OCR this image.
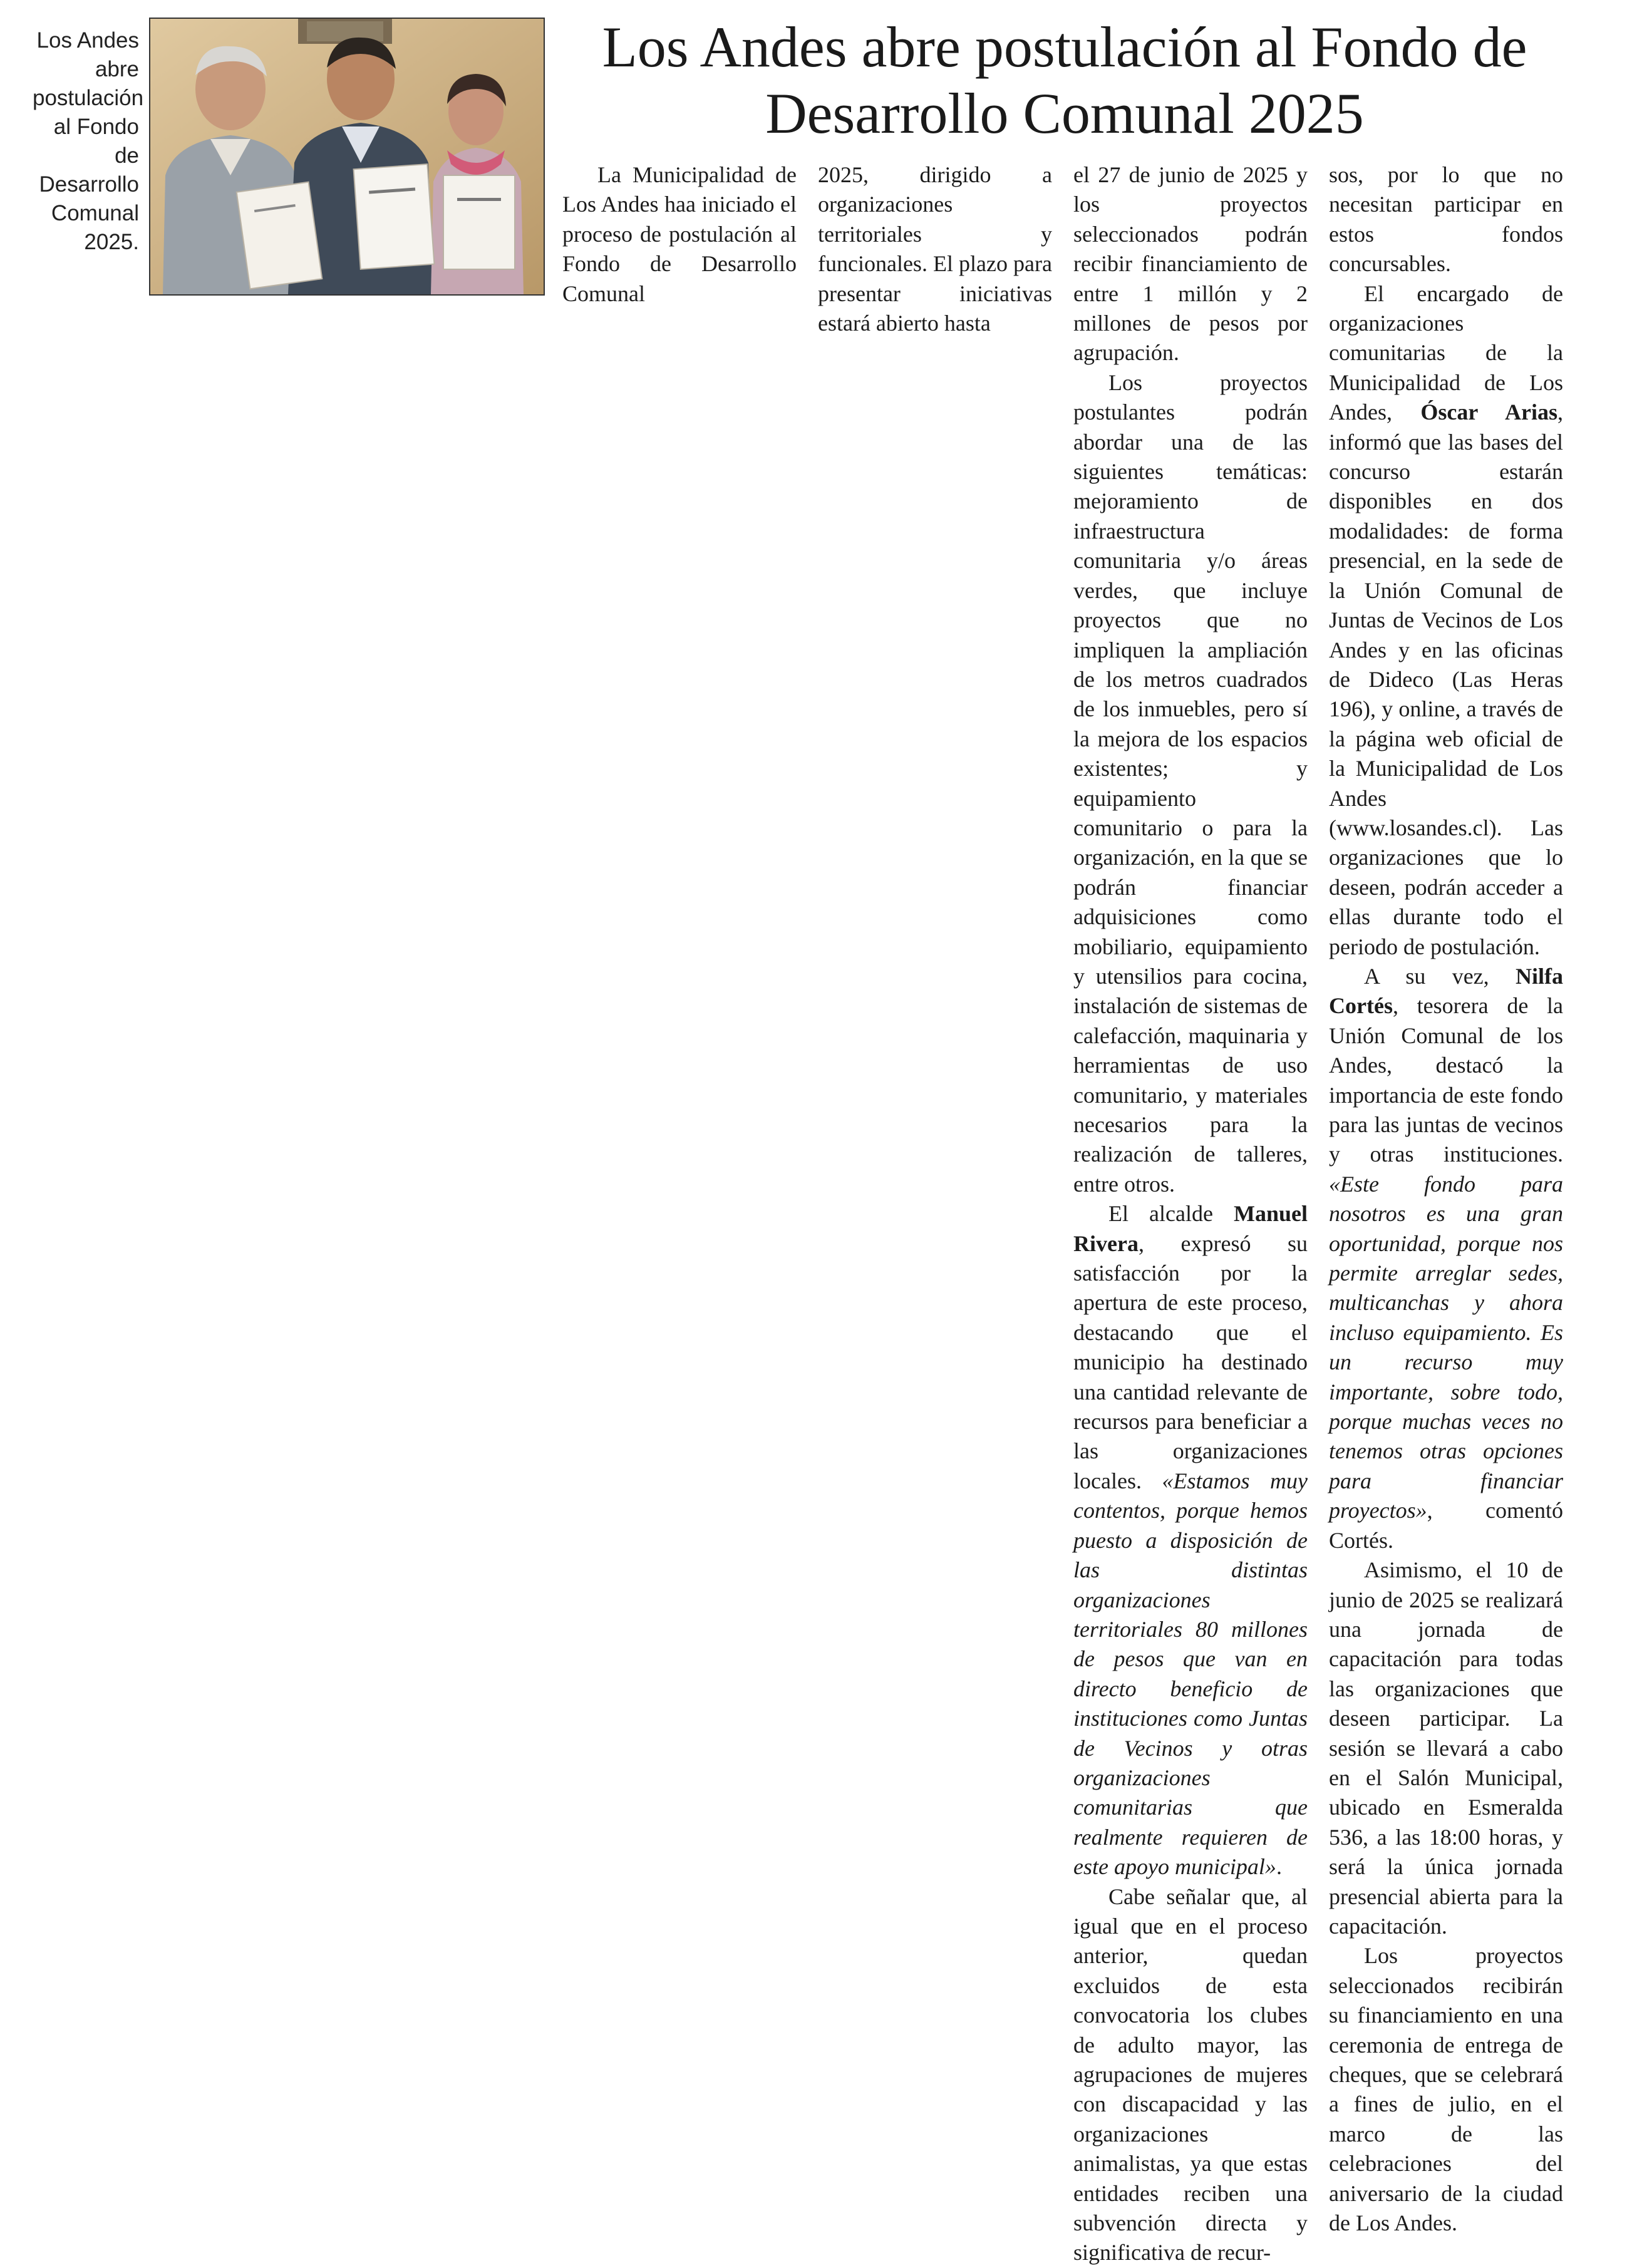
Los Andes abre postulación al Fondo de Desarrollo Comunal 2025.
Los Andes abre postulación al Fondo de Desarrollo Comunal 2025

La Municipalidad de Los Andes haa iniciado el proceso de postulación al Fondo de Desarrollo Comunal

2025, dirigido a organizaciones territoriales y funcionales. El plazo para presentar iniciativas estará abierto hasta

el 27 de junio de 2025 y los proyectos seleccionados podrán recibir financiamiento de entre 1 millón y 2 millones de pesos por agrupación.

Los proyectos postulantes podrán abordar una de las siguientes temáticas: mejoramiento de infraestructura comunitaria y/o áreas verdes, que incluye proyectos que no impliquen la ampliación de los metros cuadrados de los inmuebles, pero sí la mejora de los espacios existentes; y equipamiento comunitario o para la organización, en la que se podrán financiar adquisiciones como mobiliario, equipamiento y utensilios para cocina, instalación de sistemas de calefacción, maquinaria y herramientas de uso comunitario, y materiales necesarios para la realización de talleres, entre otros.

El alcalde Manuel Rivera, expresó su satisfacción por la apertura de este proceso, destacando que el municipio ha destinado una cantidad relevante de recursos para beneficiar a las organizaciones locales. «Estamos muy contentos, porque hemos puesto a disposición de las distintas organizaciones territoriales 80 millones de pesos que van en directo beneficio de instituciones como Juntas de Vecinos y otras organizaciones comunitarias que realmente requieren de este apoyo municipal».

Cabe señalar que, al igual que en el proceso anterior, quedan excluidos de esta convocatoria los clubes de adulto mayor, las agrupaciones de mujeres con discapacidad y las organizaciones animalistas, ya que estas entidades reciben una subvención directa y significativa de recur-

sos, por lo que no necesitan participar en estos fondos concursables.

El encargado de organizaciones comunitarias de la Municipalidad de Los Andes, Óscar Arias, informó que las bases del concurso estarán disponibles en dos modalidades: de forma presencial, en la sede de la Unión Comunal de Juntas de Vecinos de Los Andes y en las oficinas de Dideco (Las Heras 196), y online, a través de la página web oficial de la Municipalidad de Los Andes (www.losandes.cl). Las organizaciones que lo deseen, podrán acceder a ellas durante todo el periodo de postulación.

A su vez, Nilfa Cortés, tesorera de la Unión Comunal de los Andes, destacó la importancia de este fondo para las juntas de vecinos y otras instituciones. «Este fondo para nosotros es una gran oportunidad, porque nos permite arreglar sedes, multicanchas y ahora incluso equipamiento. Es un recurso muy importante, sobre todo, porque muchas veces no tenemos otras opciones para financiar proyectos», comentó Cortés.

Asimismo, el 10 de junio de 2025 se realizará una jornada de capacitación para todas las organizaciones que deseen participar. La sesión se llevará a cabo en el Salón Municipal, ubicado en Esmeralda 536, a las 18:00 horas, y será la única jornada presencial abierta para la capacitación.

Los proyectos seleccionados recibirán su financiamiento en una ceremonia de entrega de cheques, que se celebrará a fines de julio, en el marco de las celebraciones del aniversario de la ciudad de Los Andes.
